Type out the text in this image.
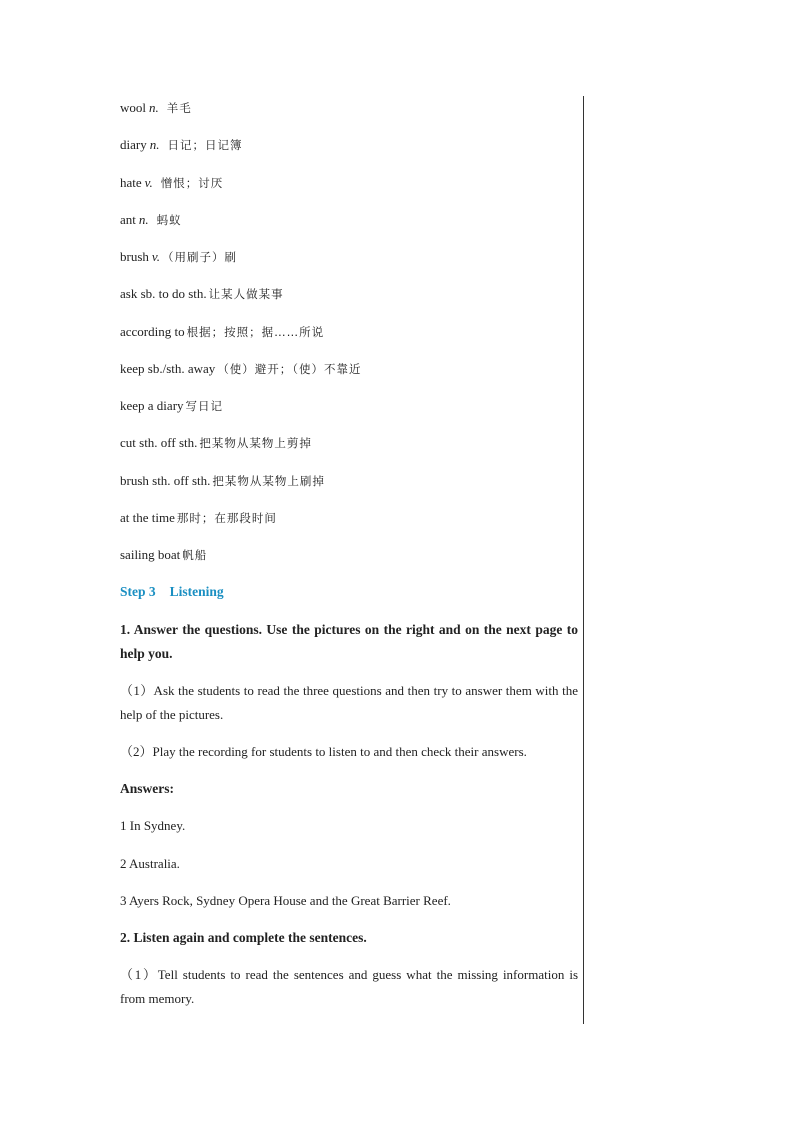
wool n. 羊毛
diary n. 日记；日记簿
hate v. 憎恨；讨厌
ant n. 蚂蚁
brush v. （用刷子）刷
ask sb. to do sth. 让某人做某事
according to 根据；按照；据……所说
keep sb./sth. away （使）避开；（使）不靠近
keep a diary 写日记
cut sth. off sth. 把某物从某物上剪掉
brush sth. off sth. 把某物从某物上刷掉
at the time 那时；在那段时间
sailing boat 帆船
Step 3 Listening
1. Answer the questions. Use the pictures on the right and on the next page to help you.
（1）Ask the students to read the three questions and then try to answer them with the help of the pictures.
（2）Play the recording for students to listen to and then check their answers.
Answers:
1 In Sydney.
2 Australia.
3 Ayers Rock, Sydney Opera House and the Great Barrier Reef.
2. Listen again and complete the sentences.
（1）Tell students to read the sentences and guess what the missing information is from memory.
